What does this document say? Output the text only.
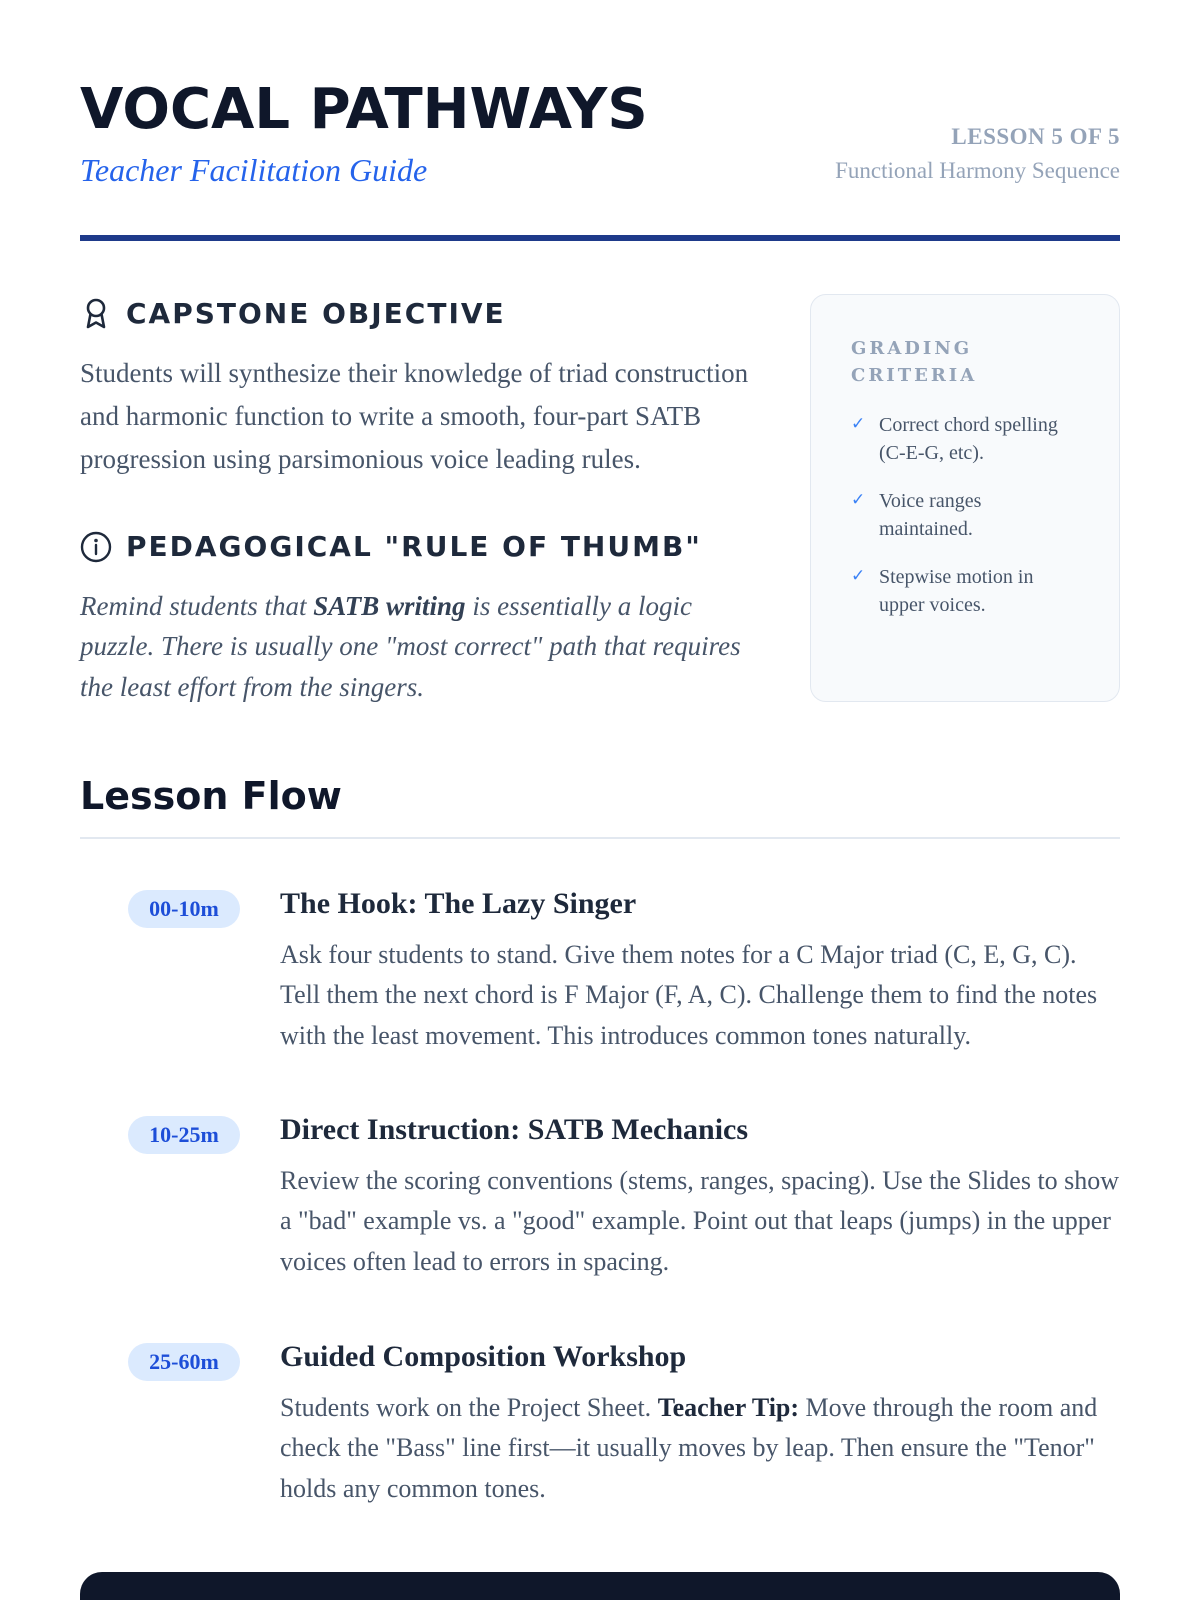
VOCAL PATHWAYS
Teacher Facilitation Guide
LESSON 5 OF 5
Functional Harmony Sequence
CAPSTONE OBJECTIVE

Students will synthesize their knowledge of triad construction and harmonic function to write a smooth, four-part SATB progression using parsimonious voice leading rules.

PEDAGOGICAL "RULE OF THUMB"

Remind students that SATB writing is essentially a logic puzzle. There is usually one "most correct" path that requires the least effort from the singers.

GRADING CRITERIA
✓ Correct chord spelling (C-E-G, etc).
✓ Voice ranges maintained.
✓ Stepwise motion in upper voices.
Lesson Flow
00-10m	The Hook: The Lazy Singer

Ask four students to stand. Give them notes for a C Major triad (C, E, G, C). Tell them the next chord is F Major (F, A, C). Challenge them to find the notes with the least movement. This introduces common tones naturally.

10-25m	Direct Instruction: SATB Mechanics

Review the scoring conventions (stems, ranges, spacing). Use the Slides to show a "bad" example vs. a "good" example. Point out that leaps (jumps) in the upper voices often lead to errors in spacing.

25-60m	Guided Composition Workshop

Students work on the Project Sheet. Teacher Tip: Move through the room and check the "Bass" line first—it usually moves by leap. Then ensure the "Tenor" holds any common tones.
